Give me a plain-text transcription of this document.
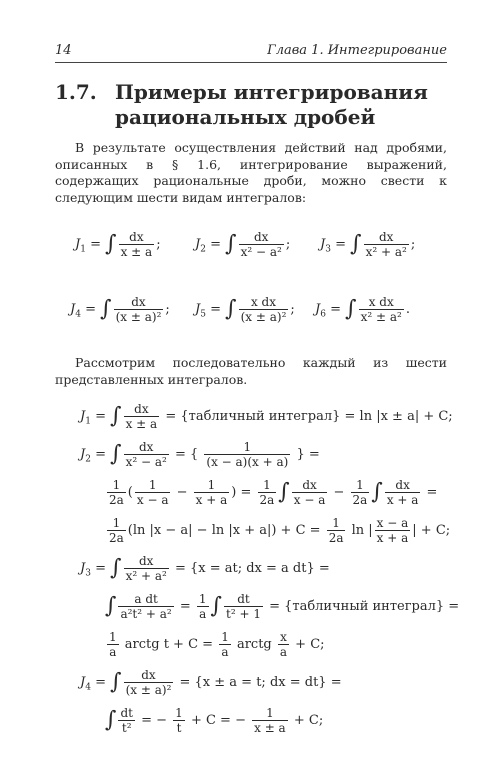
14	Глава 1. Интегрирование
1.7. Примеры интегрирования рациональных дробей
В результате осуществления действий над дробями, описанных в § 1.6, интегрирование выражений, содержащих рациональные дроби, можно свести к следующим шести видам интегралов:
$J_1$ = ∫ $\frac{dx}{x \pm a}$ ;	$J_2$ = ∫ $\frac{dx}{\text{x² − a²}}$ ; $J_3$ = ∫ $\frac{dx}{\text{x² + a²}}$ ;
$J_4$ = ∫ $\frac{dx}{\text{(x ± a)²}}$ ; $J_5$ = ∫ $\frac{\text{x dx}}{\text{(x ± a)²}}$ ; $J_6$ = ∫ $\frac{\text{x dx}}{\text{x² ± a²}}$ .
Рассмотрим последовательно каждый из шести представленных интегралов.
$J_1$ = ∫ $\frac{dx}{x \pm a}$ = {табличный интеграл} = ln |x ± a| + C;
$J_2$ = ∫ $\frac{dx}{\text{x² − a²}}$ = { $\frac{1}{(x - a)(x + a)}$ } =
$\frac{1}{2a}$ ( $\frac{1}{x - a} - \frac{1}{x + a}$ ) = $\frac{1}{2a}$ ∫ $\frac{dx}{x - a} - \frac{1}{2a}$ ∫ $\frac{dx}{x + a}$ =
$\frac{1}{2a} (\ln$ $|x - a| - \ln |x + a|) + C = \frac{1}{2a}$ ln | $\frac{x - a}{x + a}$ | + C;
$J_3$ = ∫ $\frac{dx}{\text{x² + a²}} = \{x$ = at; dx = a dt} =
∫ $\frac{\text{a dt}}{\text{a²t² + a²}} = \frac{1}{a}$ ∫ $\frac{dt}{\text{t² + 1}}$ = {табличный интеграл} =
$\frac{1}{a}$ arctg $t + C = \frac{1}{a}$ arctg $\frac{x}{a} + C$;
$J_4$ = ∫ $\frac{dx}{\text{(x ± a)²}} = \{x \pm a = t$; dx = dt} =
∫ $\frac{dt}{\text{t²}}$ = − $\frac{1}{t} + C$ = − $\frac{1}{x \pm a} + C$;
